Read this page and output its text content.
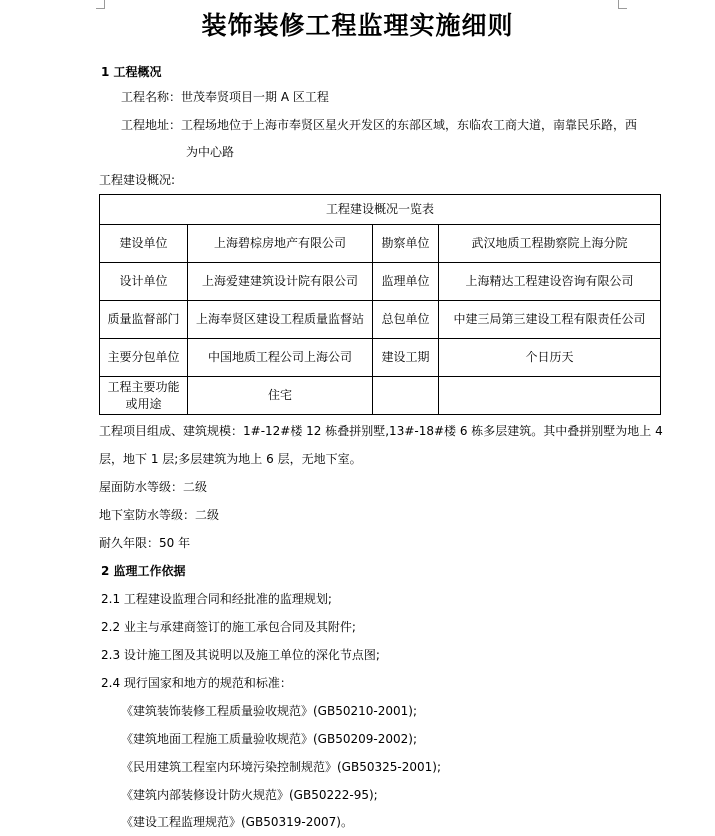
装饰装修工程监理实施细则
1 工程概况
工程名称：世茂奉贤项目一期 A 区工程
工程地址：工程场地位于上海市奉贤区星火开发区的东部区域，东临农工商大道，南靠民乐路，西
为中心路
工程建设概况:
工程建设概况一览表			
建设单位	上海碧棕房地产有限公司	勘察单位	武汉地质工程勘察院上海分院
设计单位	上海爱建建筑设计院有限公司	监理单位	上海精达工程建设咨询有限公司
质量监督部门	上海奉贤区建设工程质量监督站	总包单位	中建三局第三建设工程有限责任公司
主要分包单位	中国地质工程公司上海公司	建设工期	个日历天
工程主要功能或用途	住宅		
工程项目组成、建筑规模：1#-12#楼 12 栋叠拼别墅,13#-18#楼 6 栋多层建筑。其中叠拼别墅为地上 4
层，地下 1 层;多层建筑为地上 6 层，无地下室。
屋面防水等级：二级
地下室防水等级：二级
耐久年限：50 年
2 监理工作依据
2.1 工程建设监理合同和经批准的监理规划;
2.2 业主与承建商签订的施工承包合同及其附件;
2.3 设计施工图及其说明以及施工单位的深化节点图;
2.4 现行国家和地方的规范和标准：
《建筑装饰装修工程质量验收规范》(GB50210-2001);
《建筑地面工程施工质量验收规范》(GB50209-2002);
《民用建筑工程室内环境污染控制规范》(GB50325-2001);
《建筑内部装修设计防火规范》(GB50222-95);
《建设工程监理规范》(GB50319-2007)。
